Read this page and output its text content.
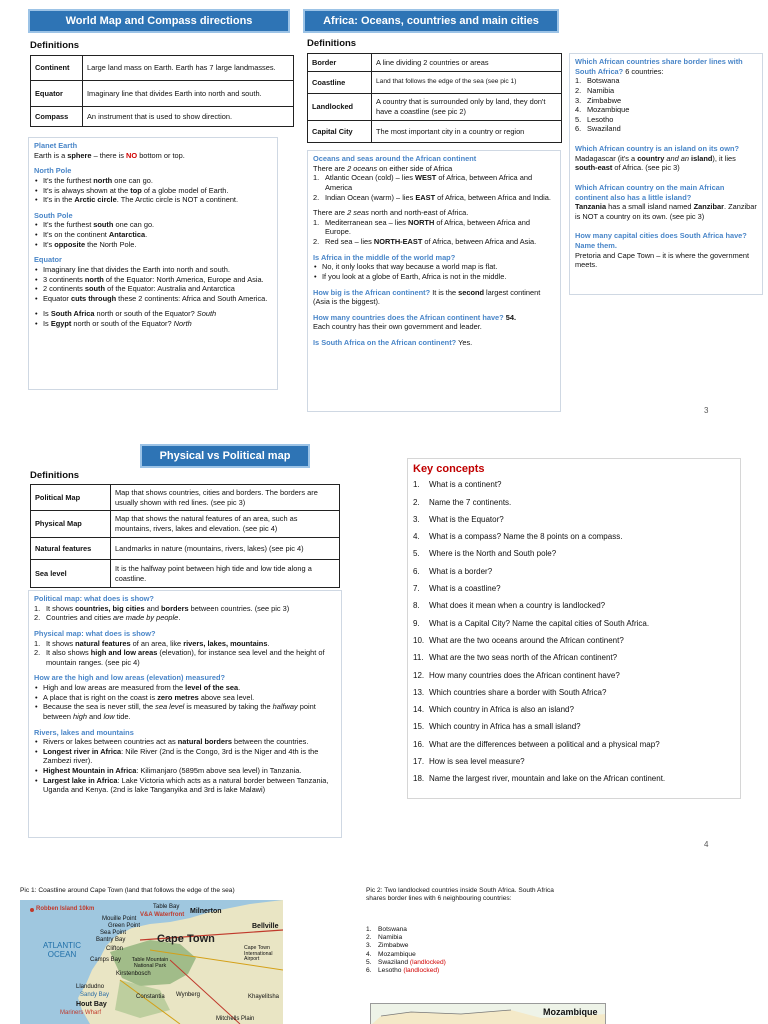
World Map and Compass directions
Definitions
Continent	Large land mass on Earth. Earth has 7 large landmasses.
Equator	Imaginary line that divides Earth into north and south.
Compass	An instrument that is used to show direction.
Planet Earth
Earth is a sphere – there is NO bottom or top.
North Pole
• It's the furthest north one can go.
• It's is always shown at the top of a globe model of Earth.
• It's in the Arctic circle. The Arctic circle is NOT a continent.
South Pole
• It's the furthest south one can go.
• It's on the continent Antarctica.
• It's opposite the North Pole.
Equator
• Imaginary line that divides the Earth into north and south.
• 3 continents north of the Equator: North America, Europe and Asia.
• 2 continents south of the Equator: Australia and Antarctica
• Equator cuts through these 2 continents: Africa and South America.
• Is South Africa north or south of the Equator? South
• Is Egypt north or south of the Equator? North
Africa: Oceans, countries and main cities
Definitions
Border	A line dividing 2 countries or areas
Coastline	Land that follows the edge of the sea (see pic 1)
Landlocked	A country that is surrounded only by land, they don't have a coastline (see pic 2)
Capital City	The most important city in a country or region
Oceans and seas around the African continent
There are 2 oceans on either side of Africa
1. Atlantic Ocean (cold) – lies WEST of Africa, between Africa and America
2. Indian Ocean (warm) – lies EAST of Africa, between Africa and India.
There are 2 seas north and north-east of Africa.
1. Mediterranean sea – lies NORTH of Africa, between Africa and Europe.
2. Red sea – lies NORTH-EAST of Africa, between Africa and Asia.
Is Africa in the middle of the world map?
• No, it only looks that way because a world map is flat.
• If you look at a globe of Earth, Africa is not in the middle.
How big is the African continent? It is the second largest continent (Asia is the biggest).
How many countries does the African continent have? 54.
Each country has their own government and leader.
Is South Africa on the African continent? Yes.
Which African countries share border lines with South Africa? 6 countries:
1. Botswana
2. Namibia
3. Zimbabwe
4. Mozambique
5. Lesotho
6. Swaziland
Which African country is an island on its own?
Madagascar (it's a country and an island), it lies south-east of Africa. (see pic 3)
Which African country on the main African continent also has a little island?
Tanzania has a small island named Zanzibar. Zanzibar is NOT a country on its own. (see pic 3)
How many capital cities does South Africa have? Name them.
Pretoria and Cape Town – it is where the government meets.
3
Physical vs Political map
Definitions
Political Map	Map that shows countries, cities and borders. The borders are usually shown with red lines. (see pic 3)
Physical Map	Map that shows the natural features of an area, such as mountains, rivers, lakes and elevation. (see pic 4)
Natural features	Landmarks in nature (mountains, rivers, lakes) (see pic 4)
Sea level	It is the halfway point between high tide and low tide along a coastline.
Political map: what does is show?
1. It shows countries, big cities and borders between countries. (see pic 3)
2. Countries and cities are made by people.
Physical map: what does is show?
1. It shows natural features of an area, like rivers, lakes, mountains.
2. It also shows high and low areas (elevation), for instance sea level and the height of mountain ranges. (see pic 4)
How are the high and low areas (elevation) measured?
• High and low areas are measured from the level of the sea.
• A place that is right on the coast is zero metres above sea level.
• Because the sea is never still, the sea level is measured by taking the halfway point between high and low tide.
Rivers, lakes and mountains
• Rivers or lakes between countries act as natural borders between the countries.
• Longest river in Africa: Nile River (2nd is the Congo, 3rd is the Niger and 4th is the Zambezi river).
• Highest Mountain in Africa: Kilimanjaro (5895m above sea level) in Tanzania.
• Largest lake in Africa: Lake Victoria which acts as a natural border between Tanzania, Uganda and Kenya. (2nd is lake Tanganyika and 3rd is lake Malawi)
Key concepts
1. What is a continent?
2. Name the 7 continents.
3. What is the Equator?
4. What is a compass? Name the 8 points on a compass.
5. Where is the North and South pole?
6. What is a border?
7. What is a coastline?
8. What does it mean when a country is landlocked?
9. What is a Capital City? Name the capital cities of South Africa.
10. What are the two oceans around the African continent?
11. What are the two seas north of the African continent?
12. How many countries does the African continent have?
13. Which countries share a border with South Africa?
14. Which country in Africa is also an island?
15. Which country in Africa has a small island?
16. What are the differences between a political and a physical map?
17. How is sea level measure?
18. Name the largest river, mountain and lake on the African continent.
4
Pic 1: Coastline around Cape Town (land that follows the edge of the sea)
Robben Island 10km	Table Bay
V&A Waterfront Milnerton
Bellville
Mouille Point
Green Point
Sea Point
Bantry Bay
Clifton
Camps Bay
Cape Town
ATLANTIC OCEAN
Table Mountain National Park
Kirstenbosch
Llandudno
Sandy Bay
Hout Bay
Mariners Wharf
Cape Town International Airport
Constantia Wynberg	Khayelitsha
Mitchells Plain
Pic 2: Two landlocked countries inside South Africa. South Africa shares border lines with 6 neighbouring countries:
1. Botswana
2. Namibia
3. Zimbabwe
4. Mozambique
5. Swaziland (landlocked)
6. Lesotho (landlocked)
Mozambique
